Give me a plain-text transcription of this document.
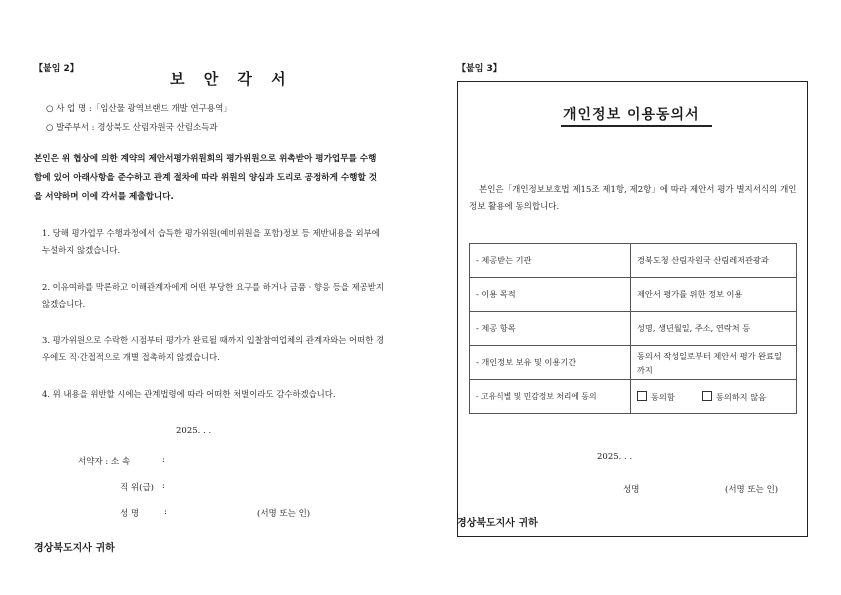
【붙임 2】
보 안 각 서
○ 사 업 명 :「임산물 광역브랜드 개발 연구용역」
○ 발주부서 : 경상북도 산림자원국 산림소득과
본인은 위 협상에 의한 계약의 제안서평가위원회의 평가위원으로 위촉받아 평가업무를 수행함에 있어 아래사항을 준수하고 관계 절차에 따라 위원의 양심과 도리로 공정하게 수행할 것을 서약하며 이에 각서를 제출합니다.
1. 당해 평가업무 수행과정에서 습득한 평가위원(예비위원을 포함)정보 등 제반내용을 외부에 누설하지 않겠습니다.
2. 이유여하를 막론하고 이해관계자에게 어떤 부당한 요구를 하거나 금품 · 향응 등을 제공받지 않겠습니다.
3. 평가위원으로 수락한 시점부터 평가가 완료될 때까지 입찰참여업체의 관계자와는 어떠한 경우에도 직·간접적으로 개별 접촉하지 않겠습니다.
4. 위 내용을 위반할 시에는 관계법령에 따라 어떠한 처벌이라도 감수하겠습니다.
2025. . .
서약자 : 소 속	:
직 위(급) :
성 명	:	(서명 또는 인)
경상북도지사 귀하
【붙임 3】
개인정보 이용동의서
본인은「개인정보보호법 제15조 제1항, 제2항」에 따라 제안서 평가 별지서식의 개인정보 활용에 동의합니다.
- 제공받는 기관	경북도청 산림자원국 산림레저관광과
- 이용 목적	제안서 평가를 위한 정보 이용
- 제공 항목	성명, 생년월일, 주소, 연락처 등
- 개인정보 보유 및 이용기간	동의서 작성일로부터 제안서 평가 완료일 까지
- 고유식별 및 민감정보 처리에 동의	동의함 동의하지 않음
2025. . .
성명	(서명 또는 인)
경상북도지사 귀하
